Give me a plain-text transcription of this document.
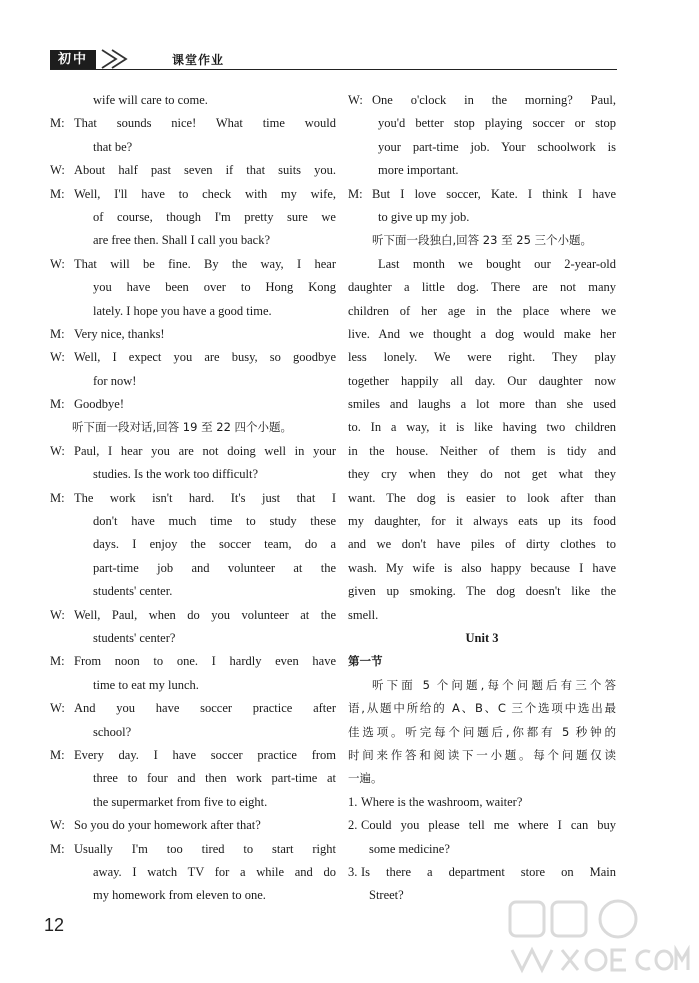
初中	课堂作业
wife will care to come.
M: That sounds nice! What time would
that be?
W: About half past seven if that suits you.
M: Well, I'll have to check with my wife,
of course, though I'm pretty sure we
are free then. Shall I call you back?
W: That will be fine. By the way, I hear
you have been over to Hong Kong
lately. I hope you have a good time.
M: Very nice, thanks!
W: Well, I expect you are busy, so goodbye
for now!
M: Goodbye!
听下面一段对话,回答 19 至 22 四个小题。
W: Paul, I hear you are not doing well in your
studies. Is the work too difficult?
M: The work isn't hard. It's just that I
don't have much time to study these
days. I enjoy the soccer team, do a
part-time job and volunteer at the
students' center.
W: Well, Paul, when do you volunteer at the
students' center?
M: From noon to one. I hardly even have
time to eat my lunch.
W: And you have soccer practice after
school?
M: Every day. I have soccer practice from
three to four and then work part-time at
the supermarket from five to eight.
W: So you do your homework after that?
M: Usually I'm too tired to start right
away. I watch TV for a while and do
my homework from eleven to one.
W: One o'clock in the morning? Paul,
you'd better stop playing soccer or stop
your part-time job. Your schoolwork is
more important.
M: But I love soccer, Kate. I think I have
to give up my job.
听下面一段独白,回答 23 至 25 三个小题。
Last month we bought our 2-year-old
daughter a little dog. There are not many
children of her age in the place where we
live. And we thought a dog would make her
less lonely. We were right. They play
together happily all day. Our daughter now
smiles and laughs a lot more than she used
to. In a way, it is like having two children
in the house. Neither of them is tidy and
they cry when they do not get what they
want. The dog is easier to look after than
my daughter, for it always eats up its food
and we don't have piles of dirty clothes to
wash. My wife is also happy because I have
given up smoking. The dog doesn't like the
smell.
Unit 3
第一节
听下面 5 个问题,每个问题后有三个答
语,从题中所给的 A、B、C 三个选项中选出最
佳选项。听完每个问题后,你都有 5 秒钟的
时间来作答和阅读下一小题。每个问题仅读
一遍。
1. Where is the washroom, waiter?
2. Could you please tell me where I can buy
some medicine?
3. Is there a department store on Main
Street?
12
